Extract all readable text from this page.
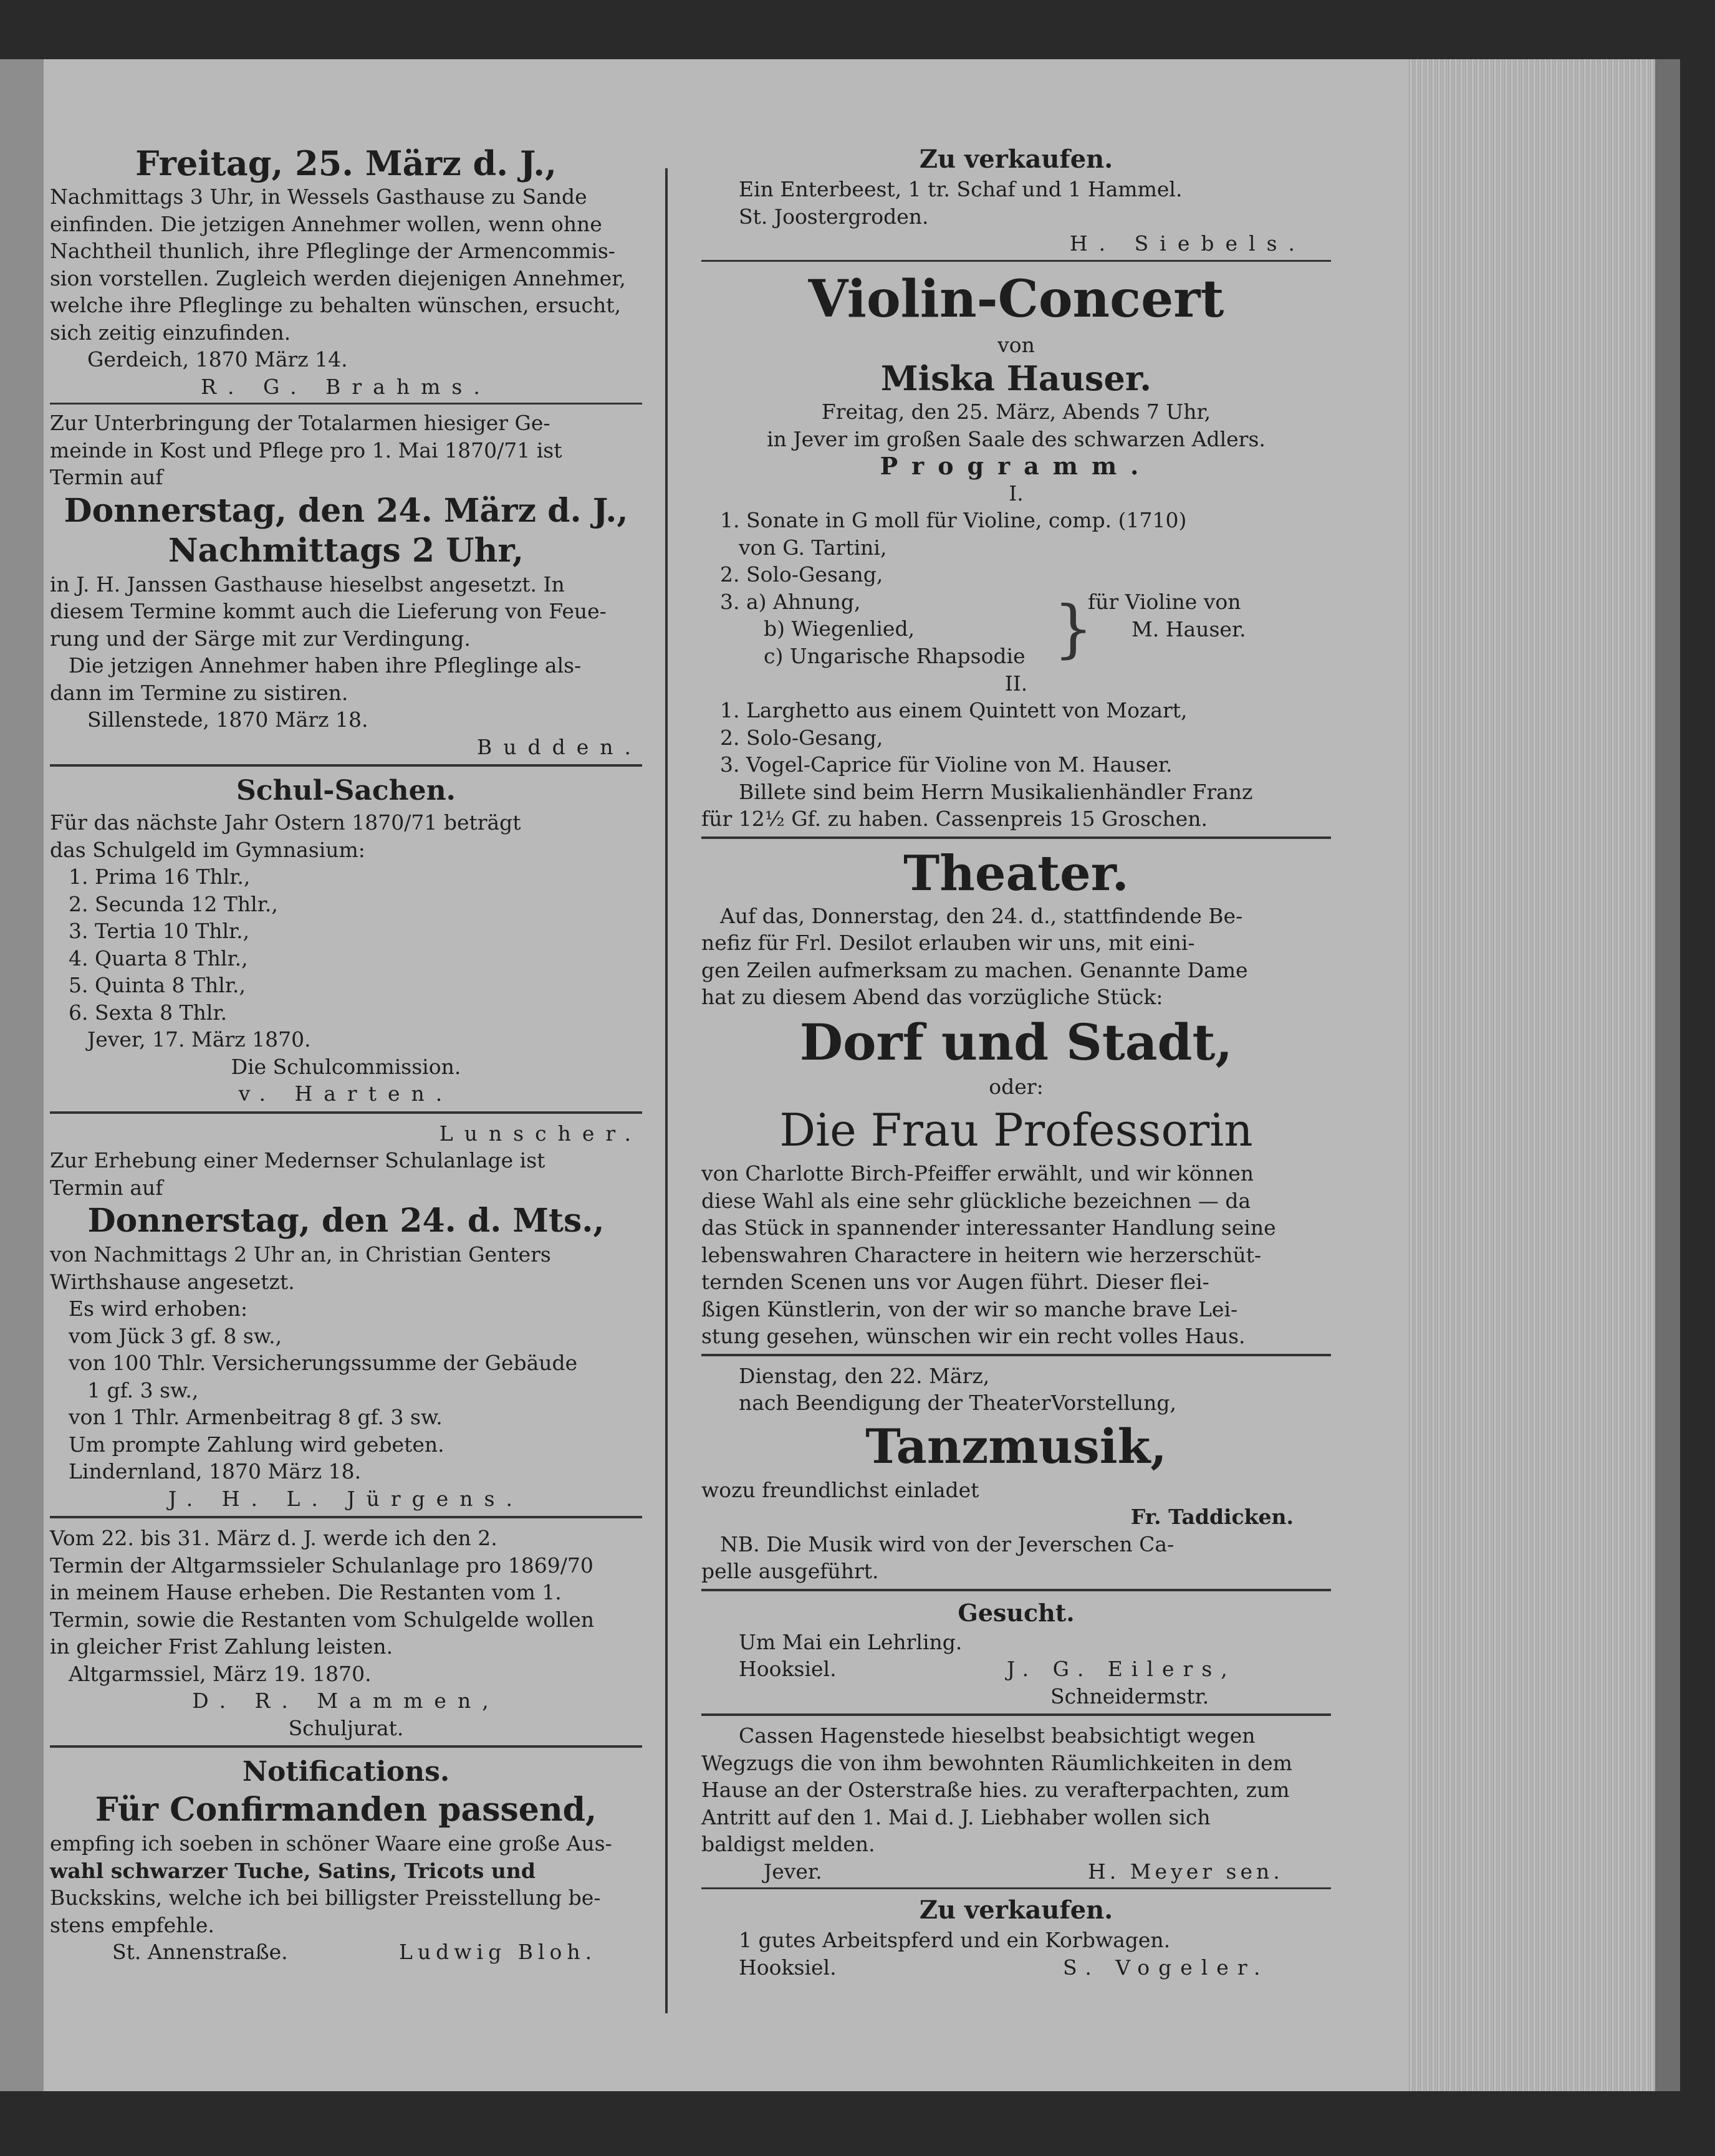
Freitag, 25. März d. J.,
Nachmittags 3 Uhr, in Wessels Gasthause zu Sande
einfinden. Die jetzigen Annehmer wollen, wenn ohne
Nachtheil thunlich, ihre Pfleglinge der Armencommis-
sion vorstellen. Zugleich werden diejenigen Annehmer,
welche ihre Pfleglinge zu behalten wünschen, ersucht,
sich zeitig einzufinden.
Gerdeich, 1870 März 14.
R. G. Brahms.
Zur Unterbringung der Totalarmen hiesiger Ge-
meinde in Kost und Pflege pro 1. Mai 1870/71 ist
Termin auf
Donnerstag, den 24. März d. J.,
Nachmittags 2 Uhr,
in J. H. Janssen Gasthause hieselbst angesetzt. In
diesem Termine kommt auch die Lieferung von Feue-
rung und der Särge mit zur Verdingung.
Die jetzigen Annehmer haben ihre Pfleglinge als-
dann im Termine zu sistiren.
Sillenstede, 1870 März 18.
Budden.
Schul-Sachen.
Für das nächste Jahr Ostern 1870/71 beträgt
das Schulgeld im Gymnasium:
1. Prima 16 Thlr.,
2. Secunda 12 Thlr.,
3. Tertia 10 Thlr.,
4. Quarta 8 Thlr.,
5. Quinta 8 Thlr.,
6. Sexta 8 Thlr.
Jever, 17. März 1870.
Die Schulcommission.
v. Harten.
Lunscher.
Zur Erhebung einer Medernser Schulanlage ist
Termin auf
Donnerstag, den 24. d. Mts.,
von Nachmittags 2 Uhr an, in Christian Genters
Wirthshause angesetzt.
Es wird erhoben:
vom Jück 3 gf. 8 sw.,
von 100 Thlr. Versicherungssumme der Gebäude
1 gf. 3 sw.,
von 1 Thlr. Armenbeitrag 8 gf. 3 sw.
Um prompte Zahlung wird gebeten.
Lindernland, 1870 März 18.
J. H. L. Jürgens.
Vom 22. bis 31. März d. J. werde ich den 2.
Termin der Altgarmssieler Schulanlage pro 1869/70
in meinem Hause erheben. Die Restanten vom 1.
Termin, sowie die Restanten vom Schulgelde wollen
in gleicher Frist Zahlung leisten.
Altgarmssiel, März 19. 1870.
D. R. Mammen,
Schuljurat.
Notifications.
Für Confirmanden passend,
empfing ich soeben in schöner Waare eine große Aus-
wahl schwarzer Tuche, Satins, Tricots und
Buckskins, welche ich bei billigster Preisstellung be-
stens empfehle.
St. Annenstraße.	Ludwig Bloh.
Zu verkaufen.
Ein Enterbeest, 1 tr. Schaf und 1 Hammel.
St. Joostergroden.
H. Siebels.
Violin-Concert
von
Miska Hauser.
Freitag, den 25. März, Abends 7 Uhr,
in Jever im großen Saale des schwarzen Adlers.
Programm.
I.
1. Sonate in G moll für Violine, comp. (1710)
von G. Tartini,
2. Solo-Gesang,
3. a) Ahnung,
b) Wiegenlied,
c) Ungarische Rhapsodie }
für Violine von
M. Hauser.
II.
1. Larghetto aus einem Quintett von Mozart,
2. Solo-Gesang,
3. Vogel-Caprice für Violine von M. Hauser.
Billete sind beim Herrn Musikalienhändler Franz
für 12½ Gf. zu haben. Cassenpreis 15 Groschen.
Theater.
Auf das, Donnerstag, den 24. d., stattfindende Be-
nefiz für Frl. Desilot erlauben wir uns, mit eini-
gen Zeilen aufmerksam zu machen. Genannte Dame
hat zu diesem Abend das vorzügliche Stück:
Dorf und Stadt,
oder:
Die Frau Professorin
von Charlotte Birch-Pfeiffer erwählt, und wir können
diese Wahl als eine sehr glückliche bezeichnen — da
das Stück in spannender interessanter Handlung seine
lebenswahren Charactere in heitern wie herzerschüt-
ternden Scenen uns vor Augen führt. Dieser flei-
ßigen Künstlerin, von der wir so manche brave Lei-
stung gesehen, wünschen wir ein recht volles Haus.
Dienstag, den 22. März,
nach Beendigung der TheaterVorstellung,
Tanzmusik,
wozu freundlichst einladet
Fr. Taddicken.
NB. Die Musik wird von der Jeverschen Ca-
pelle ausgeführt.
Gesucht.
Um Mai ein Lehrling.
Hooksiel.	J. G. Eilers,
Schneidermstr.
Cassen Hagenstede hieselbst beabsichtigt wegen
Wegzugs die von ihm bewohnten Räumlichkeiten in dem
Hause an der Osterstraße hies. zu verafterpachten, zum
Antritt auf den 1. Mai d. J. Liebhaber wollen sich
baldigst melden.
Jever.	H. Meyer sen.
Zu verkaufen.
1 gutes Arbeitspferd und ein Korbwagen.
Hooksiel.	S. Vogeler.
